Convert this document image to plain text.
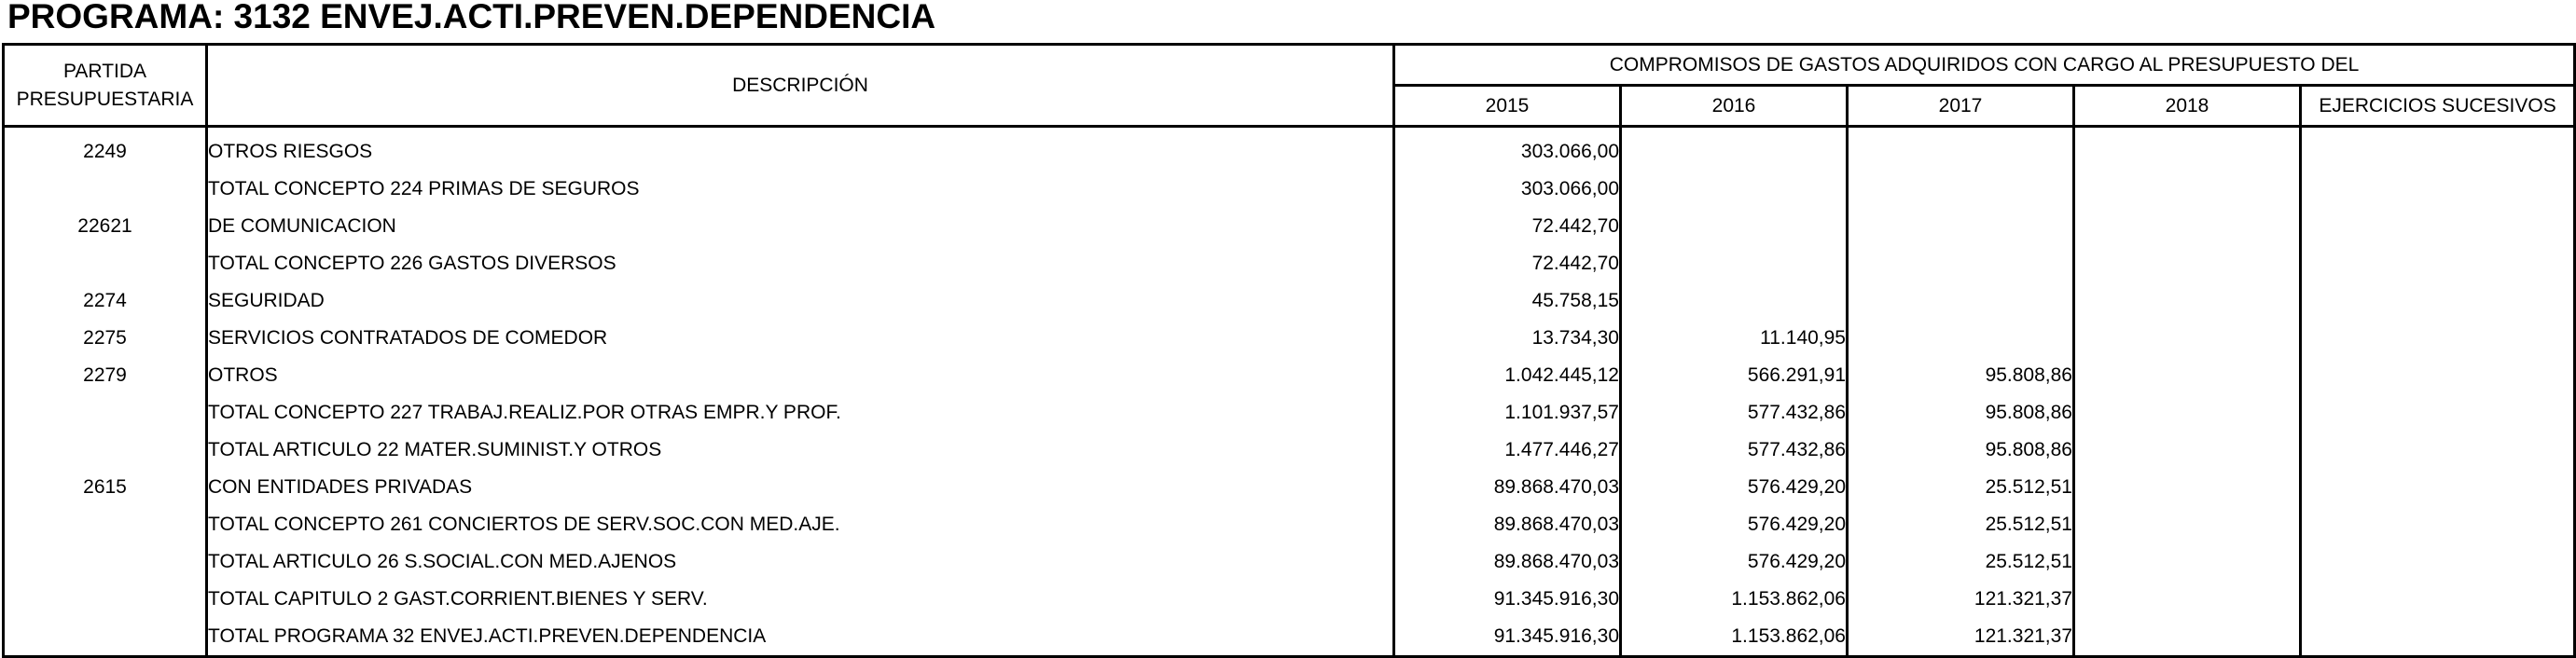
PROGRAMA: 3132 ENVEJ.ACTI.PREVEN.DEPENDENCIA
PARTIDA
PRESUPUESTARIA	DESCRIPCIÓN	COMPROMISOS DE GASTOS ADQUIRIDOS CON CARGO AL PRESUPUESTO DEL				
		2015	2016	2017	2018	EJERCICIOS SUCESIVOS
2249	OTROS RIESGOS	303.066,00				
	TOTAL CONCEPTO 224 PRIMAS DE SEGUROS	303.066,00				
22621	DE COMUNICACION	72.442,70				
	TOTAL CONCEPTO 226 GASTOS DIVERSOS	72.442,70				
2274	SEGURIDAD	45.758,15				
2275	SERVICIOS CONTRATADOS DE COMEDOR	13.734,30	11.140,95			
2279	OTROS	1.042.445,12	566.291,91	95.808,86		
	TOTAL CONCEPTO 227 TRABAJ.REALIZ.POR OTRAS EMPR.Y PROF.	1.101.937,57	577.432,86	95.808,86		
	TOTAL ARTICULO 22 MATER.SUMINIST.Y OTROS	1.477.446,27	577.432,86	95.808,86		
2615	CON ENTIDADES PRIVADAS	89.868.470,03	576.429,20	25.512,51		
	TOTAL CONCEPTO 261 CONCIERTOS DE SERV.SOC.CON MED.AJE.	89.868.470,03	576.429,20	25.512,51		
	TOTAL ARTICULO 26 S.SOCIAL.CON MED.AJENOS	89.868.470,03	576.429,20	25.512,51		
	TOTAL CAPITULO 2 GAST.CORRIENT.BIENES Y SERV.	91.345.916,30	1.153.862,06	121.321,37		
	TOTAL PROGRAMA 32 ENVEJ.ACTI.PREVEN.DEPENDENCIA	91.345.916,30	1.153.862,06	121.321,37		
